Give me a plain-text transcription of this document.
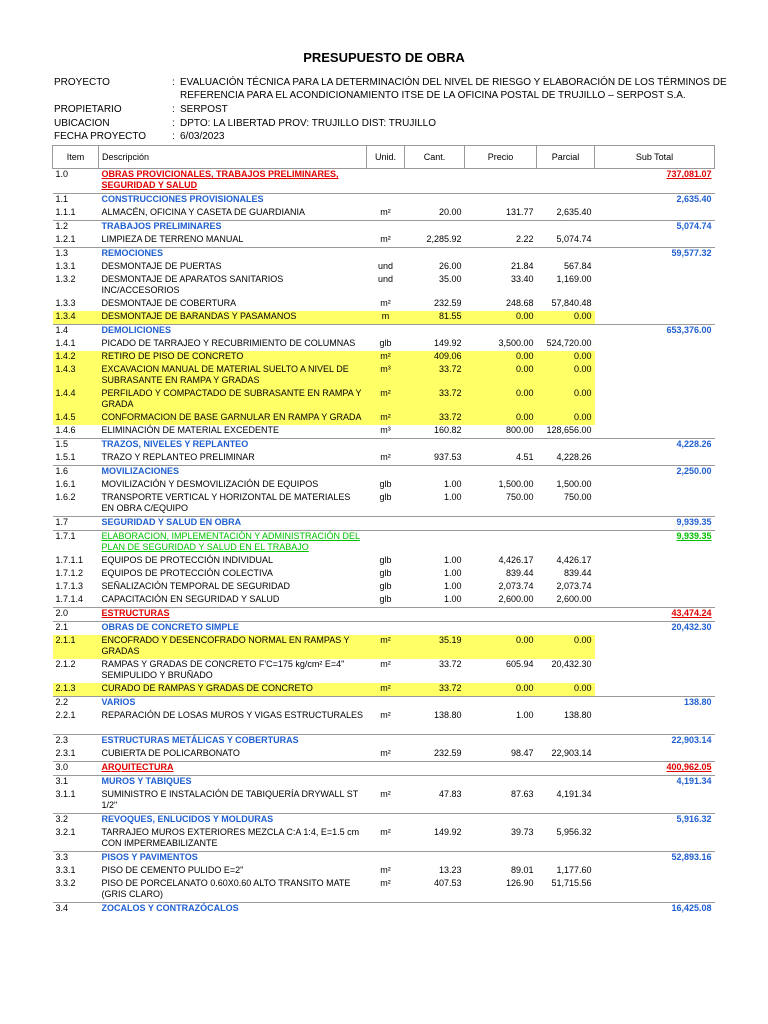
PRESUPUESTO DE OBRA
PROYECTO	: EVALUACIÓN TÉCNICA PARA LA DETERMINACIÓN DEL NIVEL DE RIESGO Y ELABORACIÓN DE LOS TÉRMINOS DE REFERENCIA PARA EL ACONDICIONAMIENTO ITSE DE LA OFICINA POSTAL DE TRUJILLO – SERPOST S.A.
PROPIETARIO	: SERPOST
UBICACION	: DPTO: LA LIBERTAD PROV: TRUJILLO DIST: TRUJILLO
FECHA PROYECTO	: 6/03/2023
Item	Descripción	Unid.	Cant.	Precio	Parcial	Sub Total
1.0	OBRAS PROVICIONALES, TRABAJOS PRELIMINARES, SEGURIDAD Y SALUD					737,081.07
1.1	CONSTRUCCIONES PROVISIONALES					2,635.40
1.1.1	ALMACÉN, OFICINA Y CASETA DE GUARDIANIA	m²	20.00	131.77	2,635.40	
1.2	TRABAJOS PRELIMINARES					5,074.74
1.2.1	LIMPIEZA DE TERRENO MANUAL	m²	2,285.92	2.22	5,074.74	
1.3	REMOCIONES					59,577.32
1.3.1	DESMONTAJE DE PUERTAS	und	26.00	21.84	567.84	
1.3.2	DESMONTAJE DE APARATOS SANITARIOS INC/ACCESORIOS	und	35.00	33.40	1,169.00	
1.3.3	DESMONTAJE DE COBERTURA	m²	232.59	248.68	57,840.48	
1.3.4	DESMONTAJE DE BARANDAS Y PASAMANOS	m	81.55	0.00	0.00	
1.4	DEMOLICIONES					653,376.00
1.4.1	PICADO DE TARRAJEO Y RECUBRIMIENTO DE COLUMNAS	glb	149.92	3,500.00	524,720.00	
1.4.2	RETIRO DE PISO DE CONCRETO	m²	409.06	0.00	0.00	
1.4.3	EXCAVACION MANUAL DE MATERIAL SUELTO A NIVEL DE SUBRASANTE EN RAMPA Y GRADAS	m³	33.72	0.00	0.00	
1.4.4	PERFILADO Y COMPACTADO DE SUBRASANTE EN RAMPA Y GRADA	m²	33.72	0.00	0.00	
1.4.5	CONFORMACION DE BASE GARNULAR EN RAMPA Y GRADA	m²	33.72	0.00	0.00	
1.4.6	ELIMINACIÓN DE MATERIAL EXCEDENTE	m³	160.82	800.00	128,656.00	
1.5	TRAZOS, NIVELES Y REPLANTEO					4,228.26
1.5.1	TRAZO Y REPLANTEO PRELIMINAR	m²	937.53	4.51	4,228.26	
1.6	MOVILIZACIONES					2,250.00
1.6.1	MOVILIZACIÓN Y DESMOVILIZACIÓN DE EQUIPOS	glb	1.00	1,500.00	1,500.00	
1.6.2	TRANSPORTE VERTICAL Y HORIZONTAL DE MATERIALES EN OBRA C/EQUIPO	glb	1.00	750.00	750.00	
1.7	SEGURIDAD Y SALUD EN OBRA					9,939.35
1.7.1	ELABORACION, IMPLEMENTACIÓN Y ADMINISTRACIÓN DEL PLAN DE SEGURIDAD Y SALUD EN EL TRABAJO					9,939.35
1.7.1.1	EQUIPOS DE PROTECCIÓN INDIVIDUAL	glb	1.00	4,426.17	4,426.17	
1.7.1.2	EQUIPOS DE PROTECCIÓN COLECTIVA	glb	1.00	839.44	839.44	
1.7.1.3	SEÑALIZACIÓN TEMPORAL DE SEGURIDAD	glb	1.00	2,073.74	2,073.74	
1.7.1.4	CAPACITACIÓN EN SEGURIDAD Y SALUD	glb	1.00	2,600.00	2,600.00	
2.0	ESTRUCTURAS					43,474.24
2.1	OBRAS DE CONCRETO SIMPLE					20,432.30
2.1.1	ENCOFRADO Y DESENCOFRADO NORMAL EN RAMPAS Y GRADAS	m²	35.19	0.00	0.00	
2.1.2	RAMPAS Y GRADAS DE CONCRETO F'C=175 kg/cm² E=4" SEMIPULIDO Y BRUÑADO	m²	33.72	605.94	20,432.30	
2.1.3	CURADO DE RAMPAS Y GRADAS DE CONCRETO	m²	33.72	0.00	0.00	
2.2	VARIOS					138.80
2.2.1	REPARACIÓN DE LOSAS MUROS Y VIGAS ESTRUCTURALES	m²	138.80	1.00	138.80	
2.3	ESTRUCTURAS METÁLICAS Y COBERTURAS					22,903.14
2.3.1	CUBIERTA DE POLICARBONATO	m²	232.59	98.47	22,903.14	
3.0	ARQUITECTURA					400,962.05
3.1	MUROS Y TABIQUES					4,191.34
3.1.1	SUMINISTRO E INSTALACIÓN DE TABIQUERÍA DRYWALL ST 1/2"	m²	47.83	87.63	4,191.34	
3.2	REVOQUES, ENLUCIDOS Y MOLDURAS					5,916.32
3.2.1	TARRAJEO MUROS EXTERIORES MEZCLA C:A 1:4, E=1.5 cm CON IMPERMEABILIZANTE	m²	149.92	39.73	5,956.32	
3.3	PISOS Y PAVIMENTOS					52,893.16
3.3.1	PISO DE CEMENTO PULIDO E=2"	m²	13.23	89.01	1,177.60	
3.3.2	PISO DE PORCELANATO 0.60X0.60 ALTO TRANSITO MATE (GRIS CLARO)	m²	407.53	126.90	51,715.56	
3.4	ZOCALOS Y CONTRAZÓCALOS					16,425.08
